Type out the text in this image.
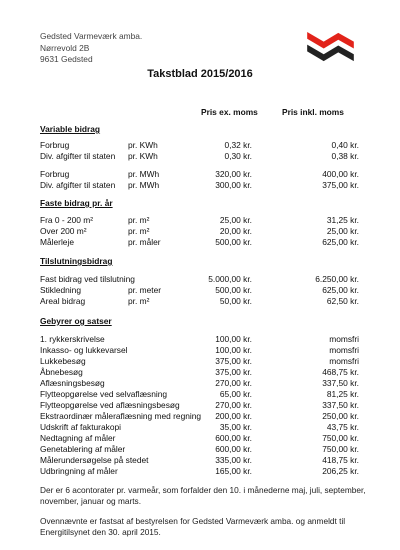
Gedsted Varmeværk amba.
Nørrevold 2B
9631 Gedsted
Takstblad 2015/2016
Pris ex. moms	Pris inkl. moms
Variable bidrag
Forbrug	pr. KWh	0,32 kr.	0,40 kr.
Div. afgifter til staten pr. KWh	0,30 kr.	0,38 kr.
Forbrug	pr. MWh	320,00 kr.	400,00 kr.
Div. afgifter til staten pr. MWh	300,00 kr.	375,00 kr.
Faste bidrag pr. år
Fra 0 - 200 m²	pr. m²	25,00 kr.	31,25 kr.
Over 200 m²	pr. m²	20,00 kr.	25,00 kr.
Målerleje	pr. måler	500,00 kr.	625,00 kr.
Tilslutningsbidrag
Fast bidrag ved tilslutning	5.000,00 kr.	6.250,00 kr.
Stikledning	pr. meter	500,00 kr.	625,00 kr.
Areal bidrag	pr. m²	50,00 kr.	62,50 kr.
Gebyrer og satser
1. rykkerskrivelse	100,00 kr.	momsfri
Inkasso- og lukkevarsel	100,00 kr.	momsfri
Lukkebesøg	375,00 kr.	momsfri
Åbnebesøg	375,00 kr.	468,75 kr.
Aflæsningsbesøg	270,00 kr.	337,50 kr.
Flytteopgørelse ved selvaflæsning	65,00 kr.	81,25 kr.
Flytteopgørelse ved aflæsningsbesøg	270,00 kr.	337,50 kr.
Ekstraordinær måleraflæsning med regning 200,00 kr.	250,00 kr.
Udskrift af fakturakopi	35,00 kr.	43,75 kr.
Nedtagning af måler	600,00 kr.	750,00 kr.
Genetablering af måler	600,00 kr.	750,00 kr.
Målerundersøgelse på stedet	335,00 kr.	418,75 kr.
Udbringning af måler	165,00 kr.	206,25 kr.
Der er 6 acontorater pr. varmeår, som forfalder den 10. i månederne maj, juli, september, november, januar og marts.
Ovennævnte er fastsat af bestyrelsen for Gedsted Varmeværk amba. og anmeldt til Energitilsynet den 30. april 2015.
